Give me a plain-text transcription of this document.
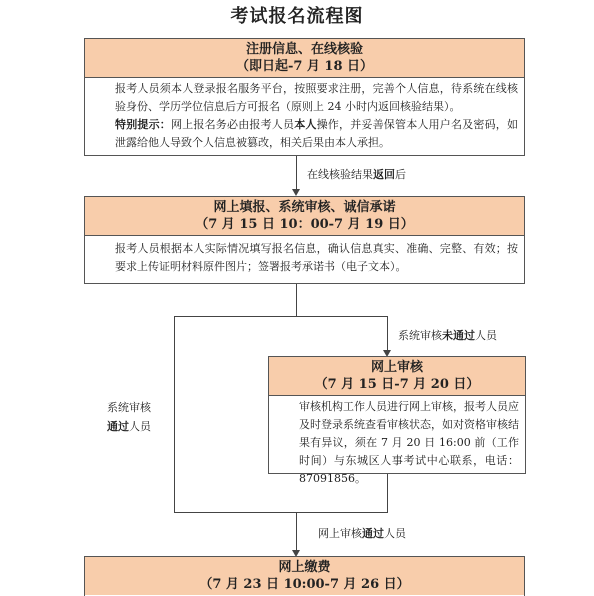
考试报名流程图
注册信息、在线核验
（即日起-7 月 18 日）
报考人员须本人登录报名服务平台，按照要求注册，完善个人信息，待系统在线核验身份、学历学位信息后方可报名（原则上 24 小时内返回核验结果）。
特别提示：网上报名务必由报考人员本人操作，并妥善保管本人用户名及密码，如泄露给他人导致个人信息被篡改，相关后果由本人承担。
在线核验结果返回后
网上填报、系统审核、诚信承诺
（7 月 15 日 10：00-7 月 19 日）
报考人员根据本人实际情况填写报名信息，确认信息真实、准确、完整、有效；按要求上传证明材料原件图片；签署报考承诺书（电子文本）。
系统审核未通过人员
系统审核
通过人员
网上审核
（7 月 15 日-7 月 20 日）
审核机构工作人员进行网上审核，报考人员应及时登录系统查看审核状态，如对资格审核结果有异议，须在 7 月 20 日 16:00 前（工作时间）与东城区人事考试中心联系，电话：87091856。
网上审核通过人员
网上缴费
（7 月 23 日 10:00-7 月 26 日）
